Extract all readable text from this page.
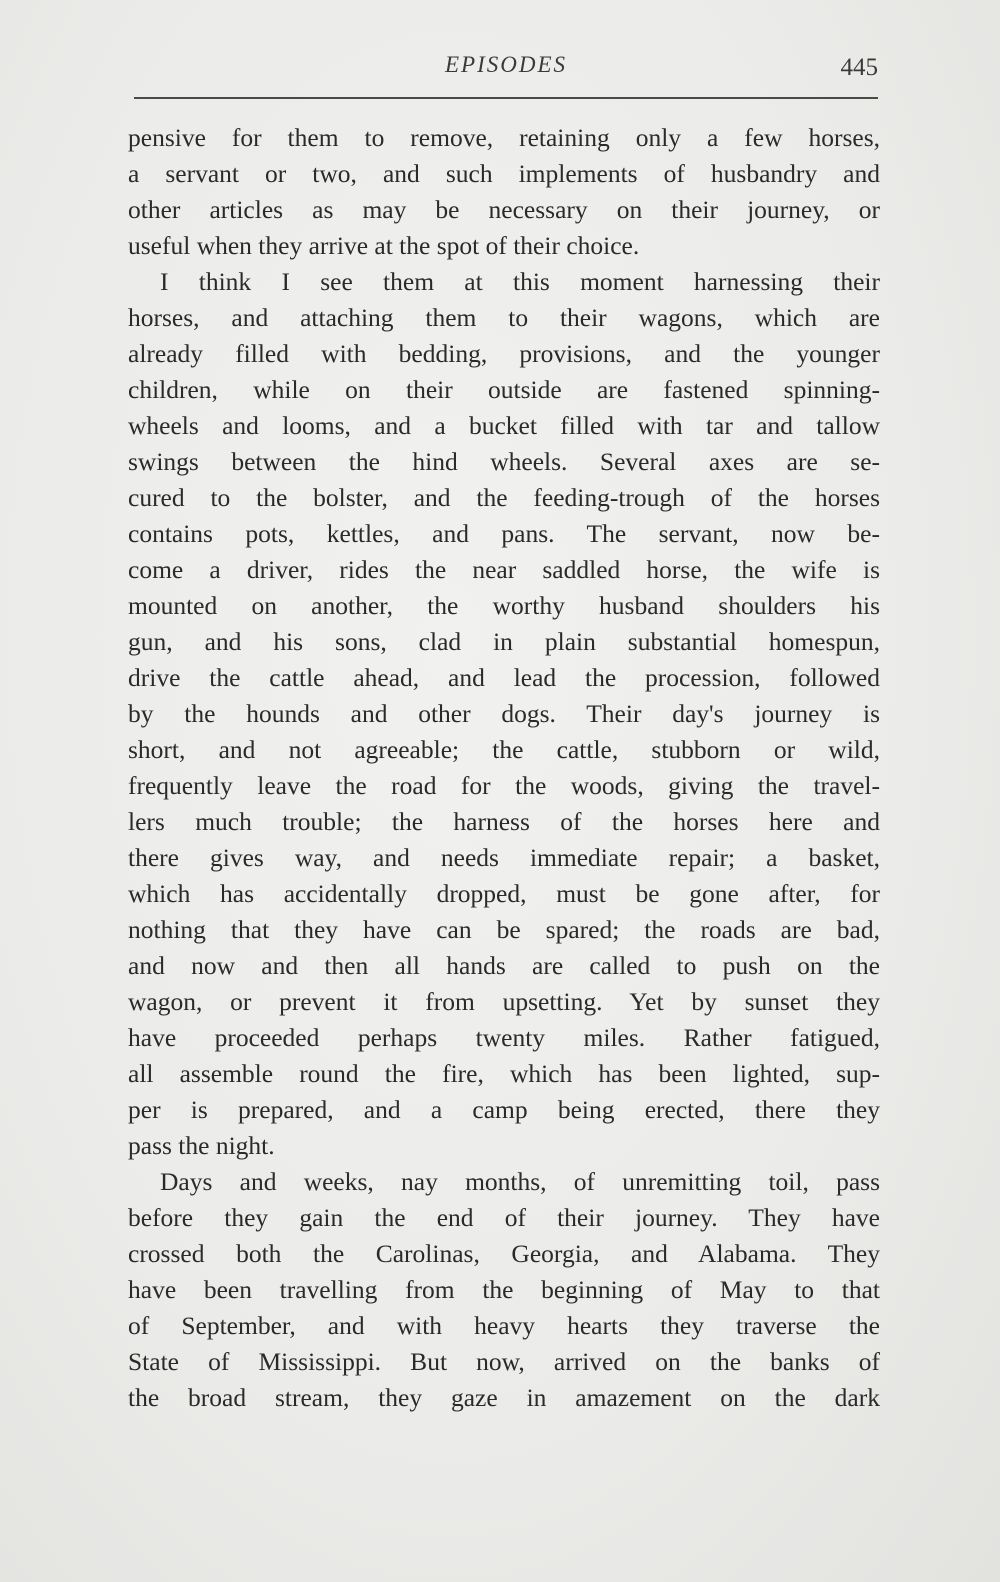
EPISODES	445
pensive for them to remove, retaining only a few horses,
a servant or two, and such implements of husbandry and
other articles as may be necessary on their journey, or
useful when they arrive at the spot of their choice.
I think I see them at this moment harnessing their
horses, and attaching them to their wagons, which are
already filled with bedding, provisions, and the younger
children, while on their outside are fastened spinning-
wheels and looms, and a bucket filled with tar and tallow
swings between the hind wheels. Several axes are se-
cured to the bolster, and the feeding-trough of the horses
contains pots, kettles, and pans. The servant, now be-
come a driver, rides the near saddled horse, the wife is
mounted on another, the worthy husband shoulders his
gun, and his sons, clad in plain substantial homespun,
drive the cattle ahead, and lead the procession, followed
by the hounds and other dogs. Their day's journey is
short, and not agreeable; the cattle, stubborn or wild,
frequently leave the road for the woods, giving the travel-
lers much trouble; the harness of the horses here and
there gives way, and needs immediate repair; a basket,
which has accidentally dropped, must be gone after, for
nothing that they have can be spared; the roads are bad,
and now and then all hands are called to push on the
wagon, or prevent it from upsetting. Yet by sunset they
have proceeded perhaps twenty miles. Rather fatigued,
all assemble round the fire, which has been lighted, sup-
per is prepared, and a camp being erected, there they
pass the night.
Days and weeks, nay months, of unremitting toil, pass
before they gain the end of their journey. They have
crossed both the Carolinas, Georgia, and Alabama. They
have been travelling from the beginning of May to that
of September, and with heavy hearts they traverse the
State of Mississippi. But now, arrived on the banks of
the broad stream, they gaze in amazement on the dark
